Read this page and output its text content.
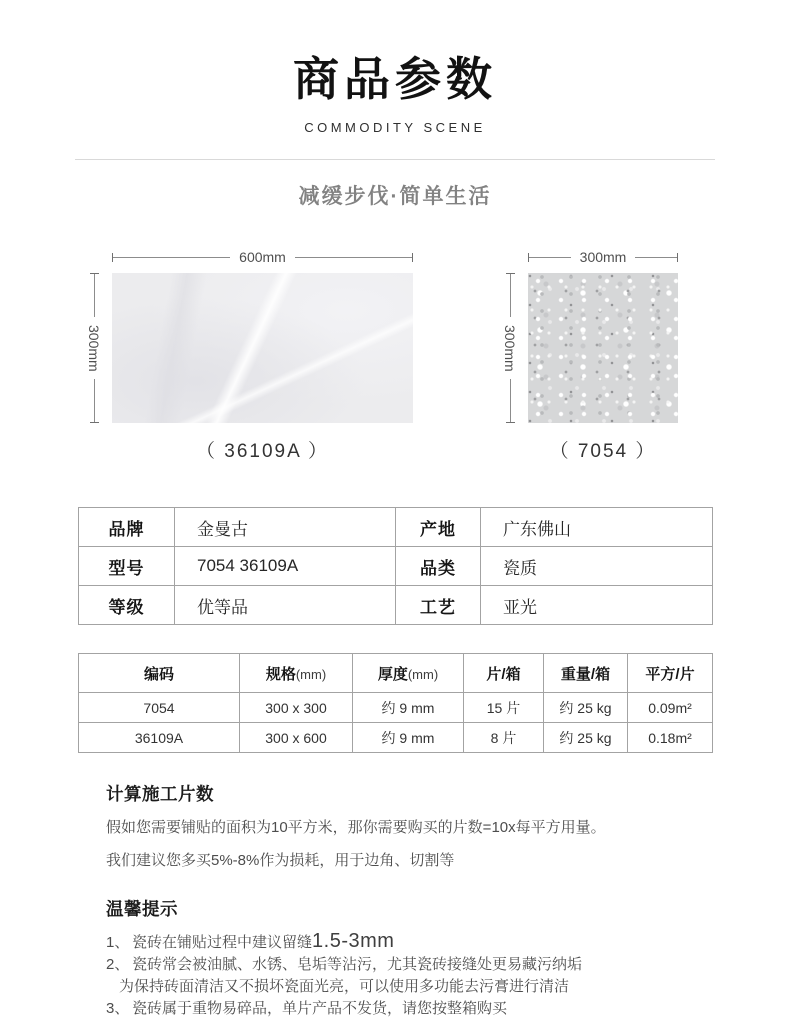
商品参数
COMMODITY SCENE
减缓步伐·简单生活
600mm
300mm
（ 36109A ）
300mm
300mm
（ 7054 ）
品牌	金曼古	产地	广东佛山
型号	7054 36109A	品类	瓷质
等级	优等品	工艺	亚光
编码	规格(mm)	厚度(mm)	片/箱	重量/箱	平方/片
7054	300 x 300	约 9 mm	15 片	约 25 kg	0.09m²
36109A	300 x 600	约 9 mm	8 片	约 25 kg	0.18m²
计算施工片数

假如您需要铺贴的面积为10平方米，那你需要购买的片数=10x每平方用量。

我们建议您多买5%-8%作为损耗，用于边角、切割等

温馨提示
1、 瓷砖在铺贴过程中建议留缝 1.5-3mm
2、 瓷砖常会被油腻、水锈、皂垢等沾污，尤其瓷砖接缝处更易藏污纳垢
为保持砖面清洁又不损坏瓷面光亮，可以使用多功能去污膏进行清洁
3、 瓷砖属于重物易碎品，单片产品不发货，请您按整箱购买
